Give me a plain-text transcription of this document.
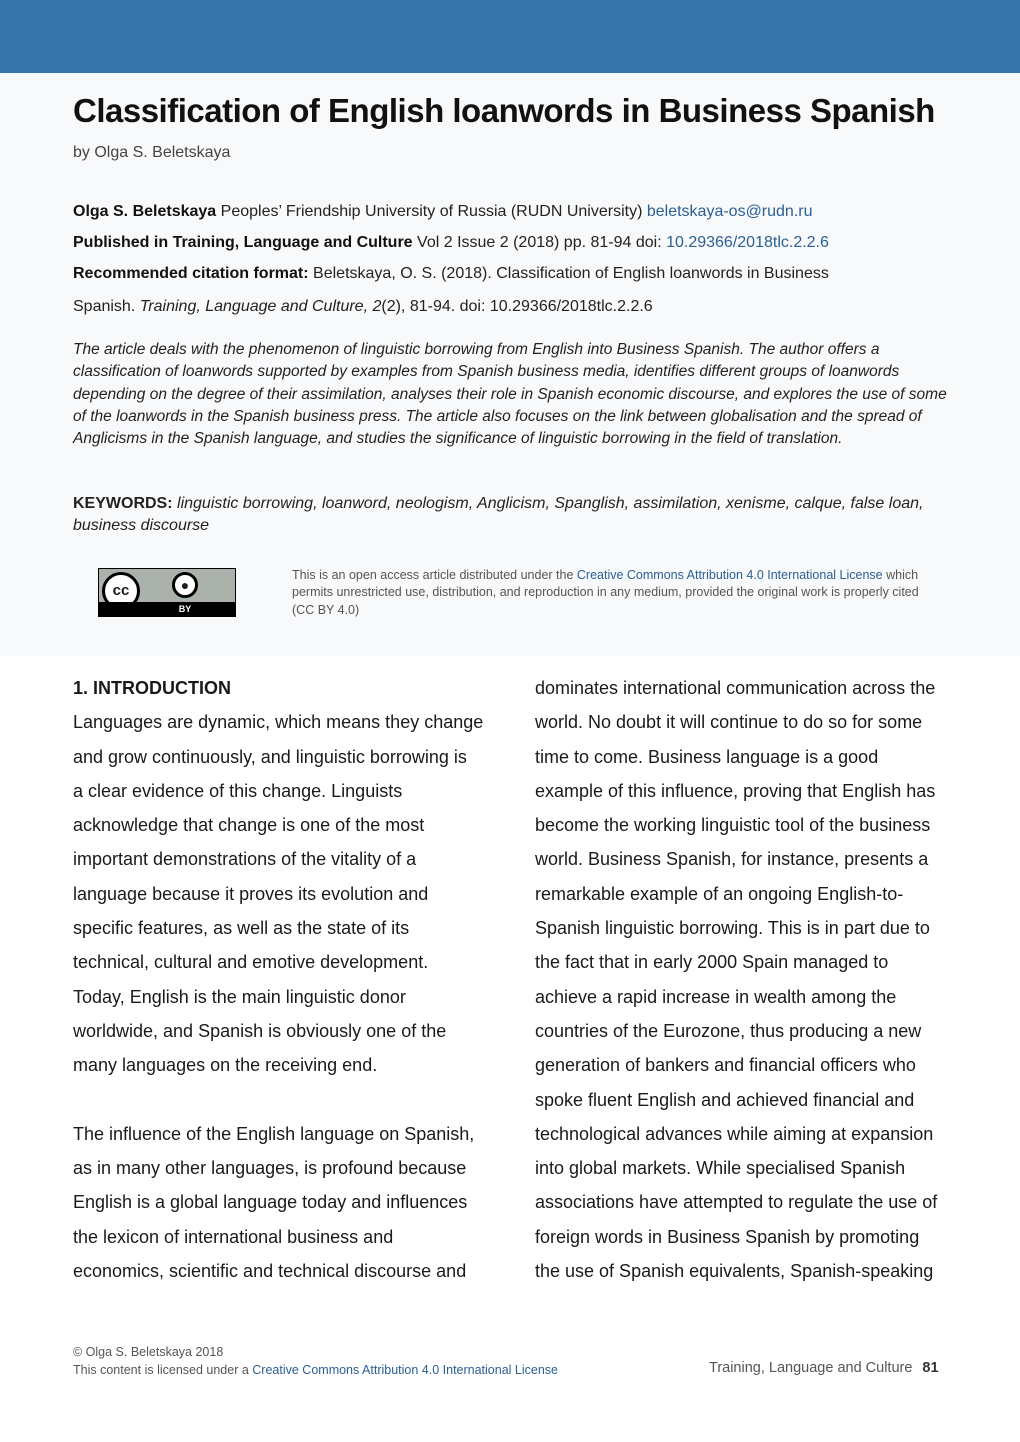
Classification of English loanwords in Business Spanish
by Olga S. Beletskaya
Olga S. Beletskaya Peoples’ Friendship University of Russia (RUDN University) beletskaya-os@rudn.ru
Published in Training, Language and Culture Vol 2 Issue 2 (2018) pp. 81-94 doi: 10.29366/2018tlc.2.2.6
Recommended citation format: Beletskaya, O. S. (2018). Classification of English loanwords in Business
Spanish. Training, Language and Culture, 2(2), 81-94. doi: 10.29366/2018tlc.2.2.6

The article deals with the phenomenon of linguistic borrowing from English into Business Spanish. The author offers a classification of loanwords supported by examples from Spanish business media, identifies different groups of loanwords depending on the degree of their assimilation, analyses their role in Spanish economic discourse, and explores the use of some of the loanwords in the Spanish business press. The article also focuses on the link between globalisation and the spread of Anglicisms in the Spanish language, and studies the significance of linguistic borrowing in the field of translation.

KEYWORDS: linguistic borrowing, loanword, neologism, Anglicism, Spanglish, assimilation, xenisme, calque, false loan, business discourse

cc	●
BY

This is an open access article distributed under the Creative Commons Attribution 4.0 International License which permits unrestricted use, distribution, and reproduction in any medium, provided the original work is properly cited (CC BY 4.0)

1. INTRODUCTION
Languages are dynamic, which means they change
and grow continuously, and linguistic borrowing is
a clear evidence of this change. Linguists
acknowledge that change is one of the most
important demonstrations of the vitality of a
language because it proves its evolution and
specific features, as well as the state of its
technical, cultural and emotive development.
Today, English is the main linguistic donor
worldwide, and Spanish is obviously one of the
many languages on the receiving end.
The influence of the English language on Spanish,
as in many other languages, is profound because
English is a global language today and influences
the lexicon of international business and
economics, scientific and technical discourse and
dominates international communication across the
world. No doubt it will continue to do so for some
time to come. Business language is a good
example of this influence, proving that English has
become the working linguistic tool of the business
world. Business Spanish, for instance, presents a
remarkable example of an ongoing English-to-
Spanish linguistic borrowing. This is in part due to
the fact that in early 2000 Spain managed to
achieve a rapid increase in wealth among the
countries of the Eurozone, thus producing a new
generation of bankers and financial officers who
spoke fluent English and achieved financial and
technological advances while aiming at expansion
into global markets. While specialised Spanish
associations have attempted to regulate the use of
foreign words in Business Spanish by promoting
the use of Spanish equivalents, Spanish-speaking
© Olga S. Beletskaya 2018
This content is licensed under a Creative Commons Attribution 4.0 International License	Training, Language and Culture 81
